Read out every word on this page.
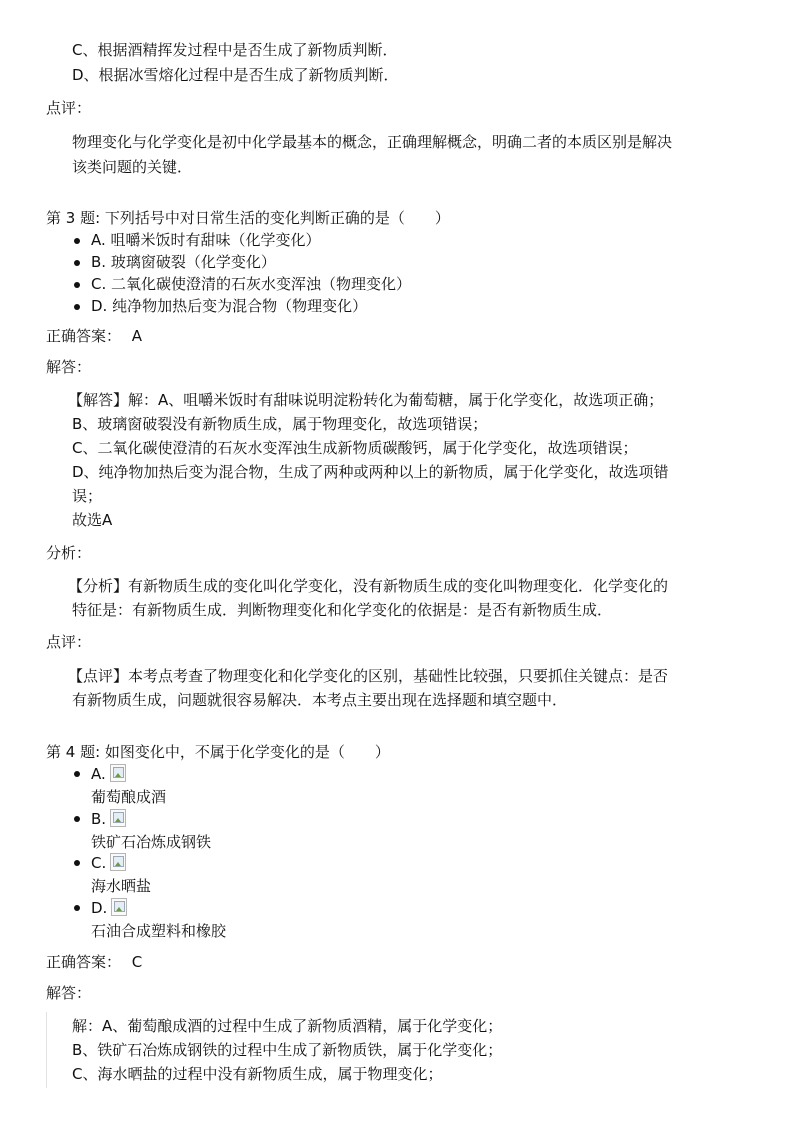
C、根据酒精挥发过程中是否生成了新物质判断．
D、根据冰雪熔化过程中是否生成了新物质判断．
点评：
物理变化与化学变化是初中化学最基本的概念，正确理解概念，明确二者的本质区别是解决
该类问题的关键．
第 3 题: 下列括号中对日常生活的变化判断正确的是（　　）
A. 咀嚼米饭时有甜味（化学变化）
B. 玻璃窗破裂（化学变化）
C. 二氧化碳使澄清的石灰水变浑浊（物理变化）
D. 纯净物加热后变为混合物（物理变化）
正确答案： A
解答：
【解答】解：A、咀嚼米饭时有甜味说明淀粉转化为葡萄糖，属于化学变化，故选项正确；
B、玻璃窗破裂没有新物质生成，属于物理变化，故选项错误；
C、二氧化碳使澄清的石灰水变浑浊生成新物质碳酸钙，属于化学变化，故选项错误；
D、纯净物加热后变为混合物，生成了两种或两种以上的新物质，属于化学变化，故选项错
误；
故选A
分析：
【分析】有新物质生成的变化叫化学变化，没有新物质生成的变化叫物理变化．化学变化的
特征是：有新物质生成．判断物理变化和化学变化的依据是：是否有新物质生成．
点评：
【点评】本考点考查了物理变化和化学变化的区别，基础性比较强，只要抓住关键点：是否
有新物质生成，问题就很容易解决．本考点主要出现在选择题和填空题中．
第 4 题: 如图变化中，不属于化学变化的是（　　）
A.
葡萄酿成酒
B.
铁矿石冶炼成钢铁
C.
海水晒盐
D.
石油合成塑料和橡胶
正确答案： C
解答：
解：A、葡萄酿成酒的过程中生成了新物质酒精，属于化学变化；
B、铁矿石冶炼成钢铁的过程中生成了新物质铁，属于化学变化；
C、海水晒盐的过程中没有新物质生成，属于物理变化；
